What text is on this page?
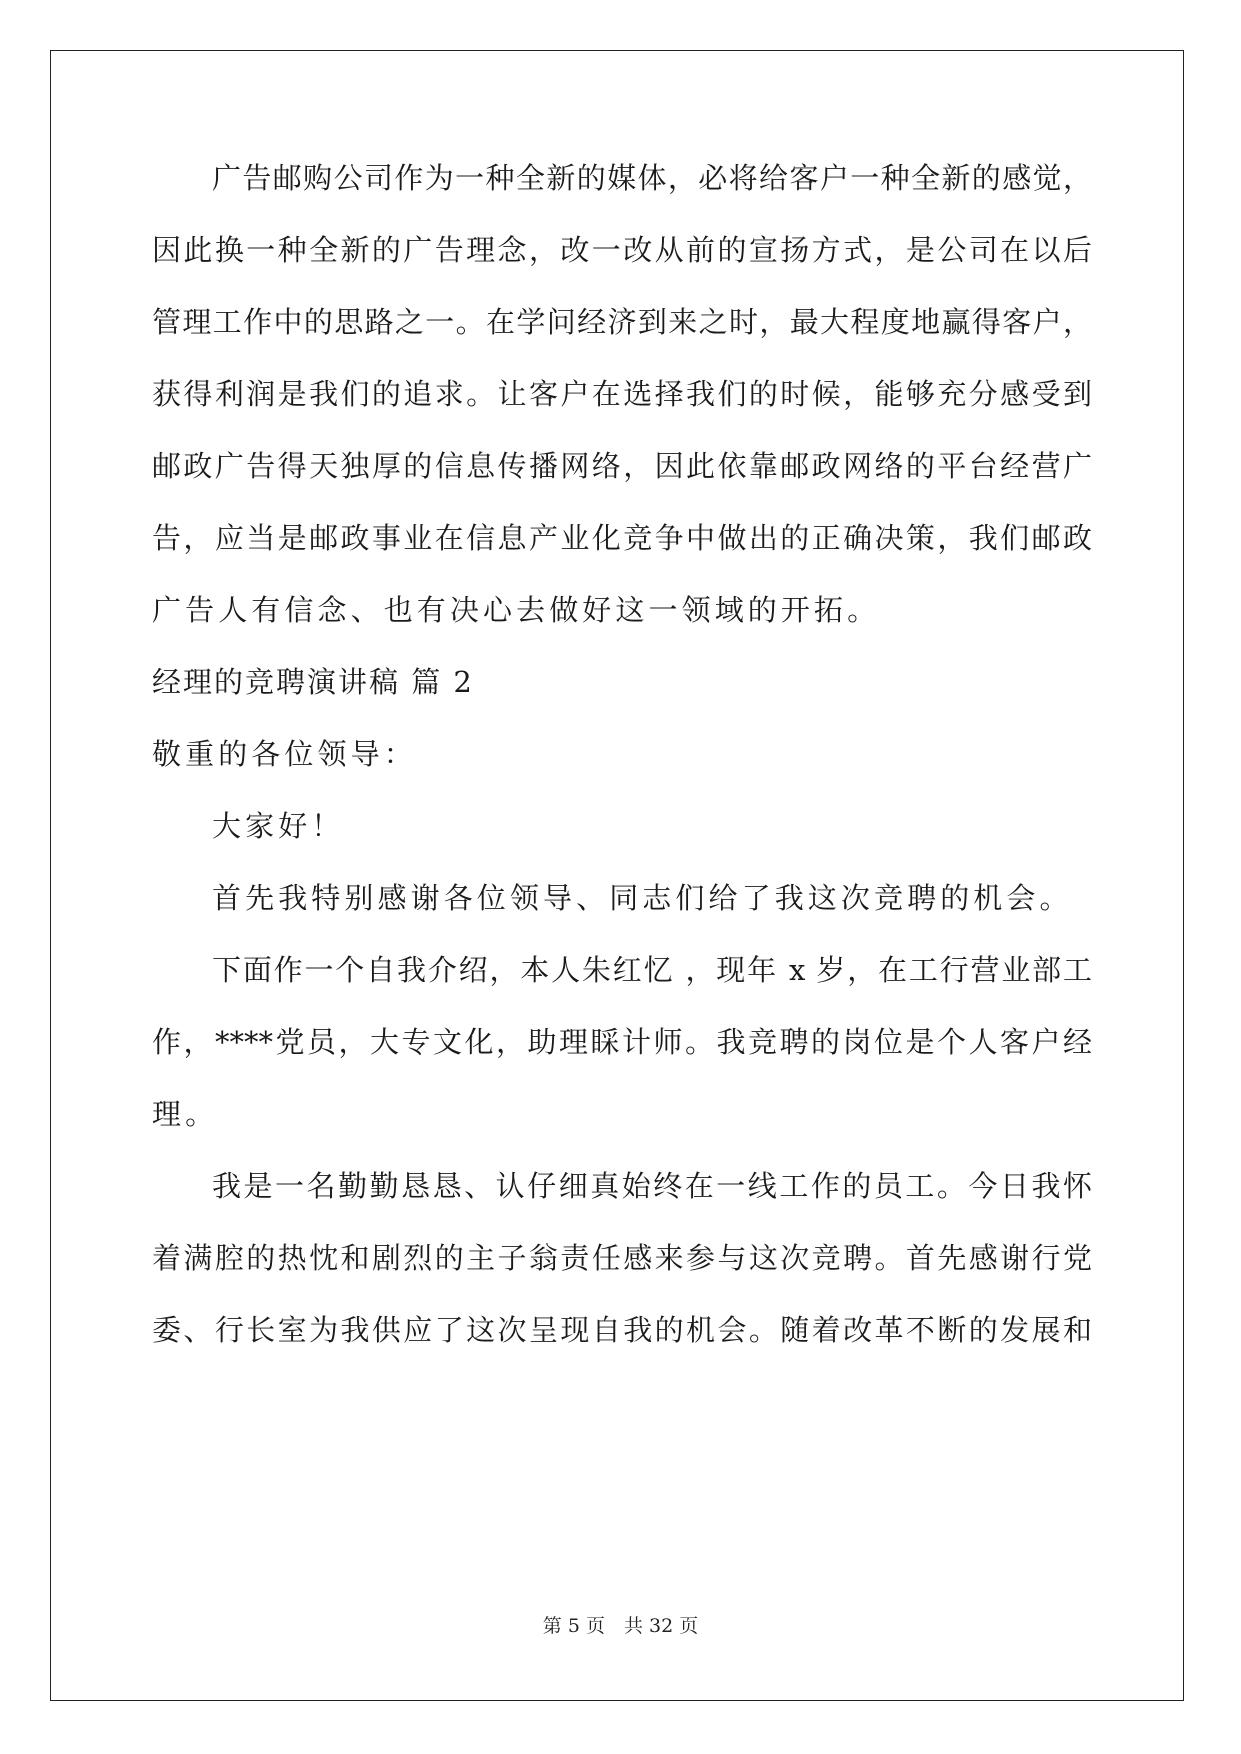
广告邮购公司作为一种全新的媒体，必将给客户一种全新的感觉，
因此换一种全新的广告理念，改一改从前的宣扬方式，是公司在以后
管理工作中的思路之一。在学问经济到来之时，最大程度地赢得客户，
获得利润是我们的追求。让客户在选择我们的时候，能够充分感受到
邮政广告得天独厚的信息传播网络，因此依靠邮政网络的平台经营广
告，应当是邮政事业在信息产业化竞争中做出的正确决策，我们邮政
广告人有信念、也有决心去做好这一领域的开拓。
经理的竞聘演讲稿 篇 2
敬重的各位领导：
大家好！
首先我特别感谢各位领导、同志们给了我这次竞聘的机会。
下面作一个自我介绍，本人朱红忆 ，现年 x 岁，在工行营业部工
作，****党员，大专文化，助理睬计师。我竞聘的岗位是个人客户经
理。
我是一名勤勤恳恳、认仔细真始终在一线工作的员工。今日我怀
着满腔的热忱和剧烈的主子翁责任感来参与这次竞聘。首先感谢行党
委、行长室为我供应了这次呈现自我的机会。随着改革不断的发展和
第 5 页　共 32 页
